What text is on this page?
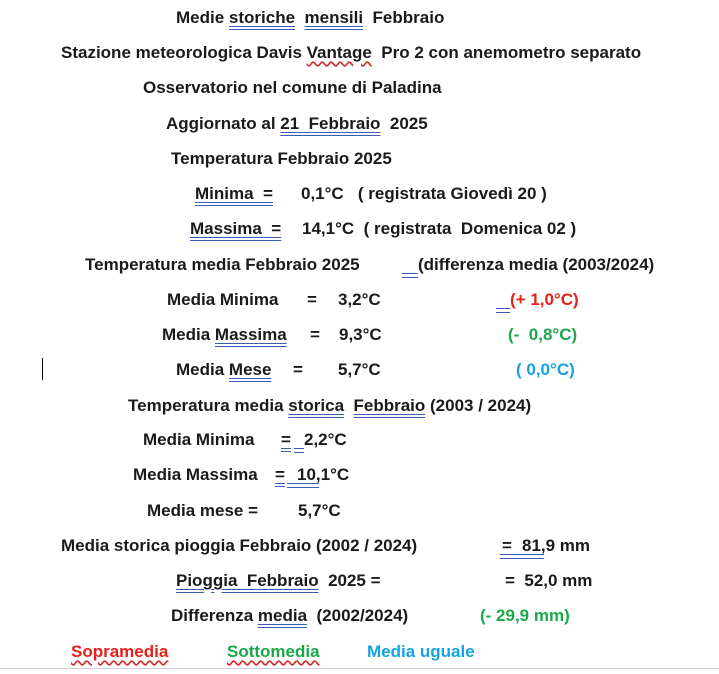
Medie storiche mensili  Febbraio
Stazione meteorologica Davis Vantage  Pro 2 con anemometro separato
Osservatorio nel comune di Paladina
Aggiornato al 21  Febbraio  2025
Temperatura Febbraio 2025
Minima  = 0,1°C   ( registrata Giovedì 20 )
Massima  = 14,1°C  ( registrata  Domenica 02 )
Temperatura media Febbraio 2025	(differenza media (2003/2024)
Media Minima = 3,2°C	(+ 1,0°C)
Media Massima = 9,3°C	(-  0,8°C)
Media Mese = 5,7°C	( 0,0°C)
Temperatura media storica Febbraio (2003 / 2024)
Media Minima = 2,2°C
Media Massima = 10,1°C
Media mese = 5,7°C
Media storica pioggia Febbraio (2002 / 2024)	= 81,9 mm
Pioggia  Febbraio  2025 =	=  52,0 mm
Differenza media  (2002/2024)	(- 29,9 mm)
Sopramedia	Sottomedia	Media uguale
